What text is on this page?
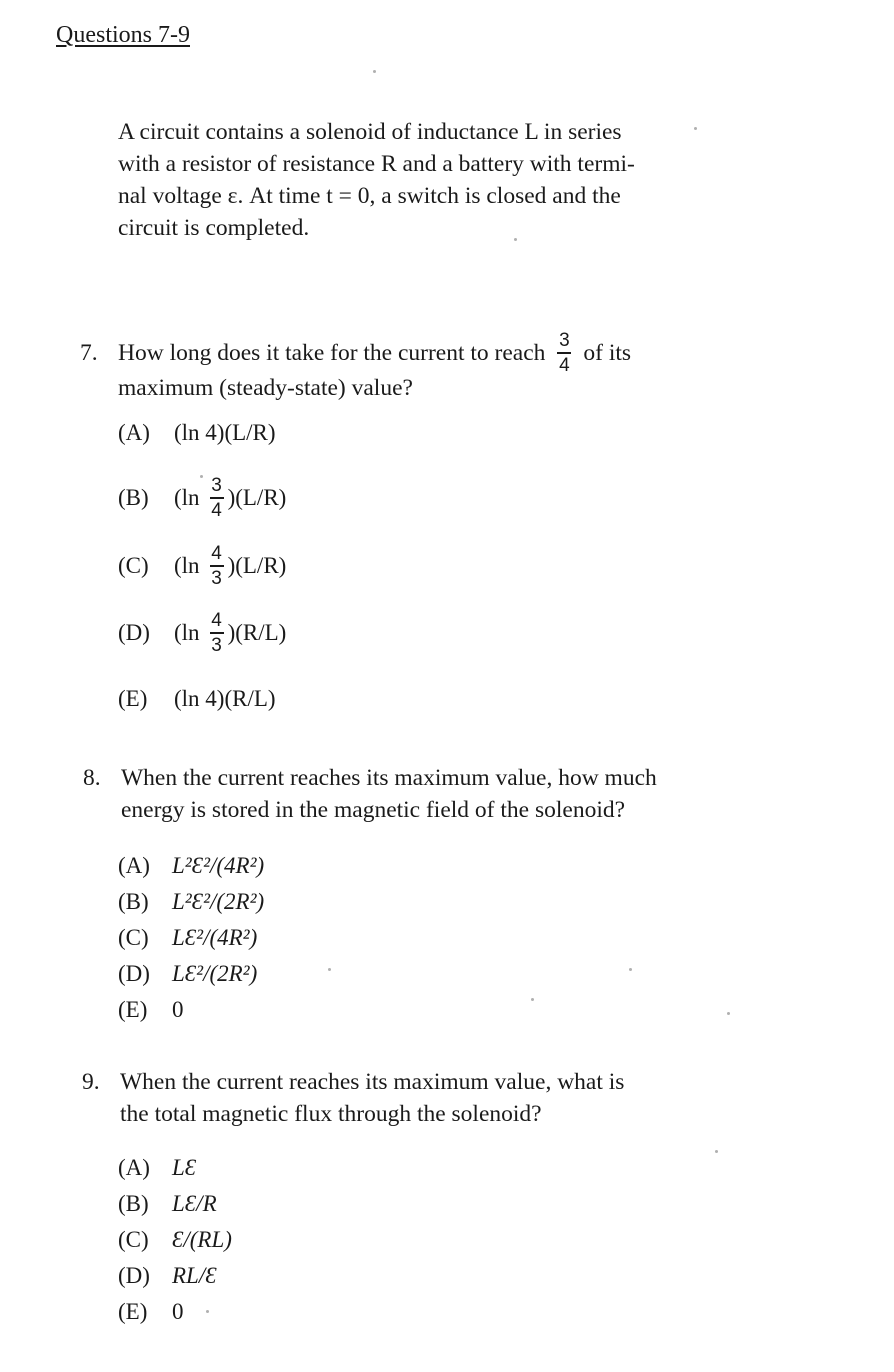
Questions 7-9
A circuit contains a solenoid of inductance L in series
with a resistor of resistance R and a battery with termi-
nal voltage ε. At time t = 0, a switch is closed and the
circuit is completed.
7. How long does it take for the current to reach $\frac{3}{4}$ of its
maximum (steady-state) value?
(A) (ln 4)(L/R)
(B)	$(\ln \frac{3}{4} )(L/R)$
(C)	$(\ln \frac{4}{3} )(L/R)$
(D)	$(\ln \frac{4}{3} )(R/L)$
(E) (ln 4)(R/L)
8. When the current reaches its maximum value, how much
energy is stored in the magnetic field of the solenoid?
(A) L²Ɛ²/(4R²)
(B) L²Ɛ²/(2R²)
(C) LƐ²/(4R²)
(D) LƐ²/(2R²)
(E) 0
9. When the current reaches its maximum value, what is
the total magnetic flux through the solenoid?
(A) LƐ
(B) LƐ/R
(C) Ɛ/(RL)
(D) RL/Ɛ
(E) 0
